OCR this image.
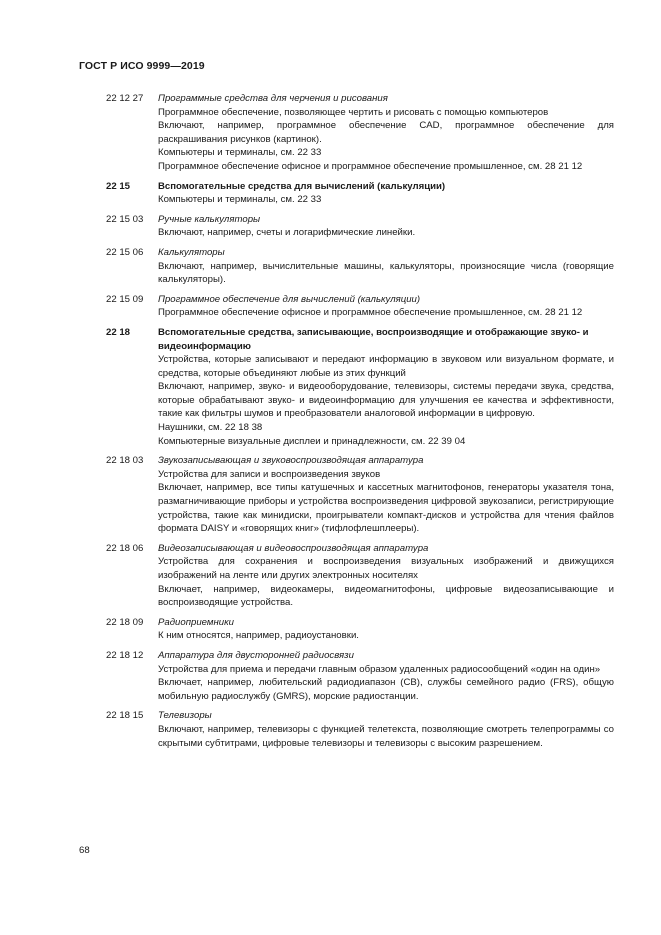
ГОСТ Р ИСО 9999—2019
22 12 27	Программные средства для черчения и рисования
Программное обеспечение, позволяющее чертить и рисовать с помощью компьютеров
Включают, например, программное обеспечение CAD, программное обеспечение для раскрашивания рисунков (картинок).
Компьютеры и терминалы, см. 22 33
Программное обеспечение офисное и программное обеспечение промышленное, см. 28 21 12
22 15	Вспомогательные средства для вычислений (калькуляции)
Компьютеры и терминалы, см. 22 33
22 15 03	Ручные калькуляторы
Включают, например, счеты и логарифмические линейки.
22 15 06	Калькуляторы
Включают, например, вычислительные машины, калькуляторы, произносящие числа (говорящие калькуляторы).
22 15 09	Программное обеспечение для вычислений (калькуляции)
Программное обеспечение офисное и программное обеспечение промышленное, см. 28 21 12
22 18	Вспомогательные средства, записывающие, воспроизводящие и отображающие звуко- и видеоинформацию
Устройства, которые записывают и передают информацию в звуковом или визуальном формате, и средства, которые объединяют любые из этих функций
Включают, например, звуко- и видеооборудование, телевизоры, системы передачи звука, средства, которые обрабатывают звуко- и видеоинформацию для улучшения ее качества и эффективности, такие как фильтры шумов и преобразователи аналоговой информации в цифровую.
Наушники, см. 22 18 38
Компьютерные визуальные дисплеи и принадлежности, см. 22 39 04
22 18 03	Звукозаписывающая и звуковоспроизводящая аппаратура
Устройства для записи и воспроизведения звуков
Включает, например, все типы катушечных и кассетных магнитофонов, генераторы указателя тона, размагничивающие приборы и устройства воспроизведения цифровой звукозаписи, регистрирующие устройства, такие как минидиски, проигрыватели компакт-дисков и устройства для чтения файлов формата DAISY и «говорящих книг» (тифлофлешплееры).
22 18 06	Видеозаписывающая и видеовоспроизводящая аппаратура
Устройства для сохранения и воспроизведения визуальных изображений и движущихся изображений на ленте или других электронных носителях
Включает, например, видеокамеры, видеомагнитофоны, цифровые видеозаписывающие и воспроизводящие устройства.
22 18 09	Радиоприемники
К ним относятся, например, радиоустановки.
22 18 12	Аппаратура для двусторонней радиосвязи
Устройства для приема и передачи главным образом удаленных радиосообщений «один на один»
Включает, например, любительский радиодиапазон (CB), службы семейного радио (FRS), общую мобильную радиослужбу (GMRS), морские радиостанции.
22 18 15	Телевизоры
Включают, например, телевизоры с функцией телетекста, позволяющие смотреть телепрограммы со скрытыми субтитрами, цифровые телевизоры и телевизоры с высоким разрешением.
68
